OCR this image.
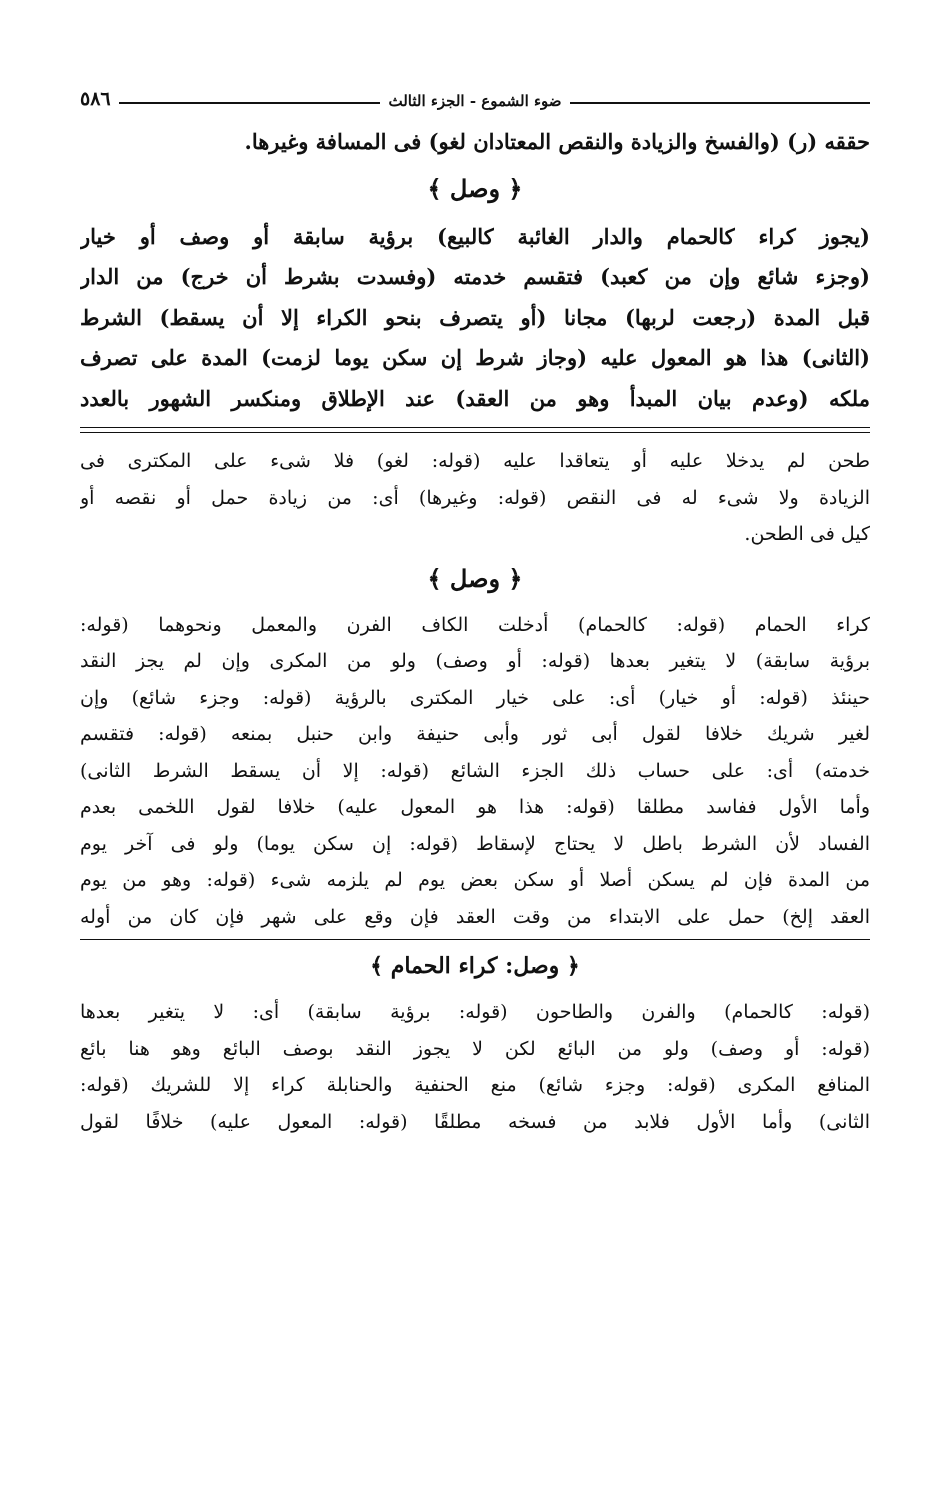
ضوء الشموع - الجزء الثالث
٥٨٦
حققه (ر) (والفسخ والزيادة والنقص المعتادان لغو) فى المسافة وغيرها.
﴿ وصل ﴾
(يجوز كراء كالحمام والدار الغائبة كالبيع) برؤية سابقة أو وصف أو خيار
(وجزء شائع وإن من كعبد) فتقسم خدمته (وفسدت بشرط أن خرج) من الدار
قبل المدة (رجعت لربها) مجانا (أو يتصرف بنحو الكراء إلا أن يسقط) الشرط
(الثانى) هذا هو المعول عليه (وجاز شرط إن سكن يوما لزمت) المدة على تصرف
ملكه (وعدم بيان المبدأ وهو من العقد) عند الإطلاق ومنكسر الشهور بالعدد
طحن لم يدخلا عليه أو يتعاقدا عليه (قوله: لغو) فلا شىء على المكترى فى
الزيادة ولا شىء له فى النقص (قوله: وغيرها) أى: من زيادة حمل أو نقصه أو
كيل فى الطحن.
﴿ وصل ﴾
كراء الحمام (قوله: كالحمام) أدخلت الكاف الفرن والمعمل ونحوهما (قوله:
برؤية سابقة) لا يتغير بعدها (قوله: أو وصف) ولو من المكرى وإن لم يجز النقد
حينئذ (قوله: أو خيار) أى: على خيار المكترى بالرؤية (قوله: وجزء شائع) وإن
لغير شريك خلافا لقول أبى ثور وأبى حنيفة وابن حنبل بمنعه (قوله: فتقسم
خدمته) أى: على حساب ذلك الجزء الشائع (قوله: إلا أن يسقط الشرط الثانى)
وأما الأول ففاسد مطلقا (قوله: هذا هو المعول عليه) خلافا لقول اللخمى بعدم
الفساد لأن الشرط باطل لا يحتاج لإسقاط (قوله: إن سكن يوما) ولو فى آخر يوم
من المدة فإن لم يسكن أصلا أو سكن بعض يوم لم يلزمه شىء (قوله: وهو من يوم
العقد إلخ) حمل على الابتداء من وقت العقد فإن وقع على شهر فإن كان من أوله
﴿ وصل: كراء الحمام ﴾
(قوله: كالحمام) والفرن والطاحون (قوله: برؤية سابقة) أى: لا يتغير بعدها
(قوله: أو وصف) ولو من البائع لكن لا يجوز النقد بوصف البائع وهو هنا بائع
المنافع المكرى (قوله: وجزء شائع) منع الحنفية والحنابلة كراء إلا للشريك (قوله:
الثانى) وأما الأول فلابد من فسخه مطلقًا (قوله: المعول عليه) خلافًا لقول
